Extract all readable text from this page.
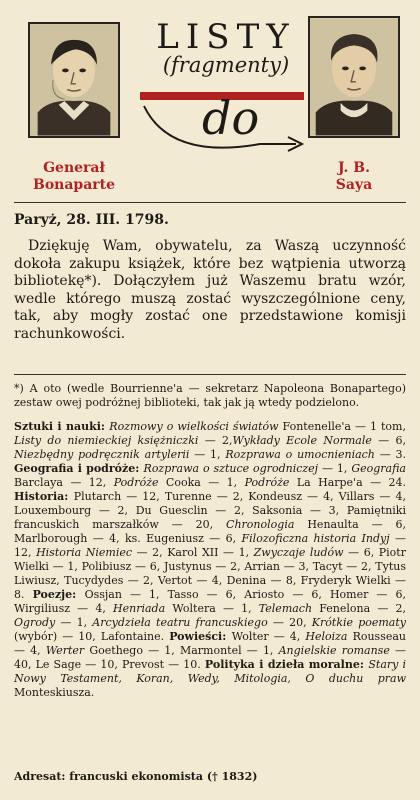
LISTY
(fragmenty)
do
Generał
Bonaparte
J. B.
Saya
Paryż, 28. III. 1798.

Dziękuję Wam, obywatelu, za Waszą uczynność dokoła zakupu książek, które bez wątpienia utworzą bibliotekę*). Dołączyłem już Waszemu bratu wzór, wedle którego muszą zostać wyszczególnione ceny, tak, aby mogły zostać one przedstawione komisji rachunkowości.

*) A oto (wedle Bourrienne'a — sekretarz Napoleona Bonapartego) zestaw owej podróżnej biblioteki, tak jak ją wtedy podzielono.

Sztuki i nauki: Rozmowy o wielkości światów Fontenelle'a — 1 tom, Listy do niemieckiej księżniczki — 2,Wykłady Ecole Normale — 6, Niezbędny podręcznik artylerii — 1, Rozprawa o umocnieniach — 3. Geografia i podróże: Rozprawa o sztuce ogrodniczej — 1, Geografia Barclaya — 12, Podróże Cooka — 1, Podróże La Harpe'a — 24. Historia: Plutarch — 12, Turenne — 2, Kondeusz — 4, Villars — 4, Louxembourg — 2, Du Guesclin — 2, Saksonia — 3, Pamiętniki francuskich marszałków — 20, Chronologia Henaulta — 6, Marlborough — 4, ks. Eugeniusz — 6, Filozoficzna historia Indyj — 12, Historia Niemiec — 2, Karol XII — 1, Zwyczaje ludów — 6, Piotr Wielki — 1, Polibiusz — 6, Justynus — 2, Arrian — 3, Tacyt — 2, Tytus Liwiusz, Tucydydes — 2, Vertot — 4, Denina — 8, Fryderyk Wielki — 8. Poezje: Ossjan — 1, Tasso — 6, Ariosto — 6, Homer — 6, Wirgiliusz — 4, Henriada Woltera — 1, Telemach Fenelona — 2, Ogrody — 1, Arcydzieła teatru francuskiego — 20, Krótkie poematy (wybór) — 10, Lafontaine. Powieści: Wolter — 4, Heloiza Rousseau — 4, Werter Goethego — 1, Marmontel — 1, Angielskie romanse — 40, Le Sage — 10, Prevost — 10. Polityka i dzieła moralne: Stary i Nowy Testament, Koran, Wedy, Mitologia, O duchu praw Monteskiusza.

Adresat: francuski ekonomista († 1832)
